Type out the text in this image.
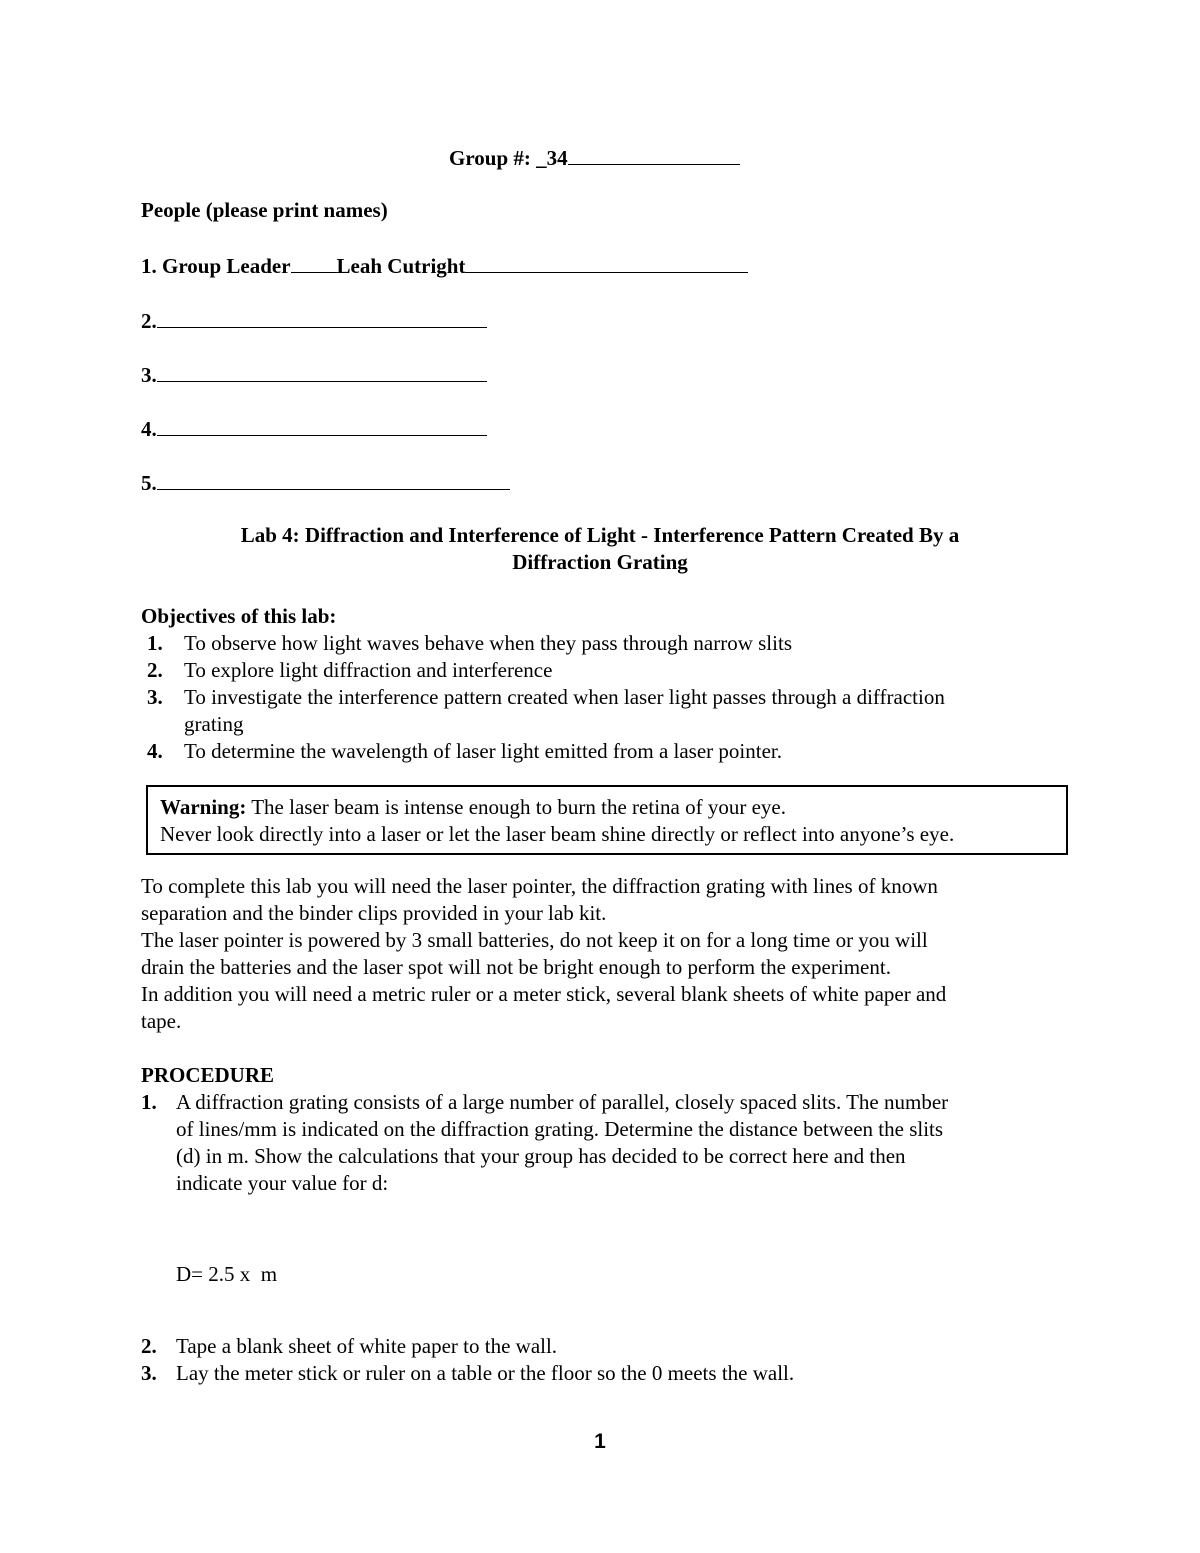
Group #: _34
People (please print names)
1. Group Leader Leah Cutright
2.
3.
4.
5.
Lab 4: Diffraction and Interference of Light - Interference Pattern Created By a
Diffraction Grating
Objectives of this lab:
1. To observe how light waves behave when they pass through narrow slits
2. To explore light diffraction and interference
3. To investigate the interference pattern created when laser light passes through a diffraction
grating
4. To determine the wavelength of laser light emitted from a laser pointer.
Warning: The laser beam is intense enough to burn the retina of your eye.
Never look directly into a laser or let the laser beam shine directly or reflect into anyone’s eye.
To complete this lab you will need the laser pointer, the diffraction grating with lines of known
separation and the binder clips provided in your lab kit.
The laser pointer is powered by 3 small batteries, do not keep it on for a long time or you will
drain the batteries and the laser spot will not be bright enough to perform the experiment.
In addition you will need a metric ruler or a meter stick, several blank sheets of white paper and
tape.
PROCEDURE
1. A diffraction grating consists of a large number of parallel, closely spaced slits. The number
of lines/mm is indicated on the diffraction grating. Determine the distance between the slits
(d) in m. Show the calculations that your group has decided to be correct here and then
indicate your value for d:
D= 2.5 x  m
2. Tape a blank sheet of white paper to the wall.
3. Lay the meter stick or ruler on a table or the floor so the 0 meets the wall.
1
